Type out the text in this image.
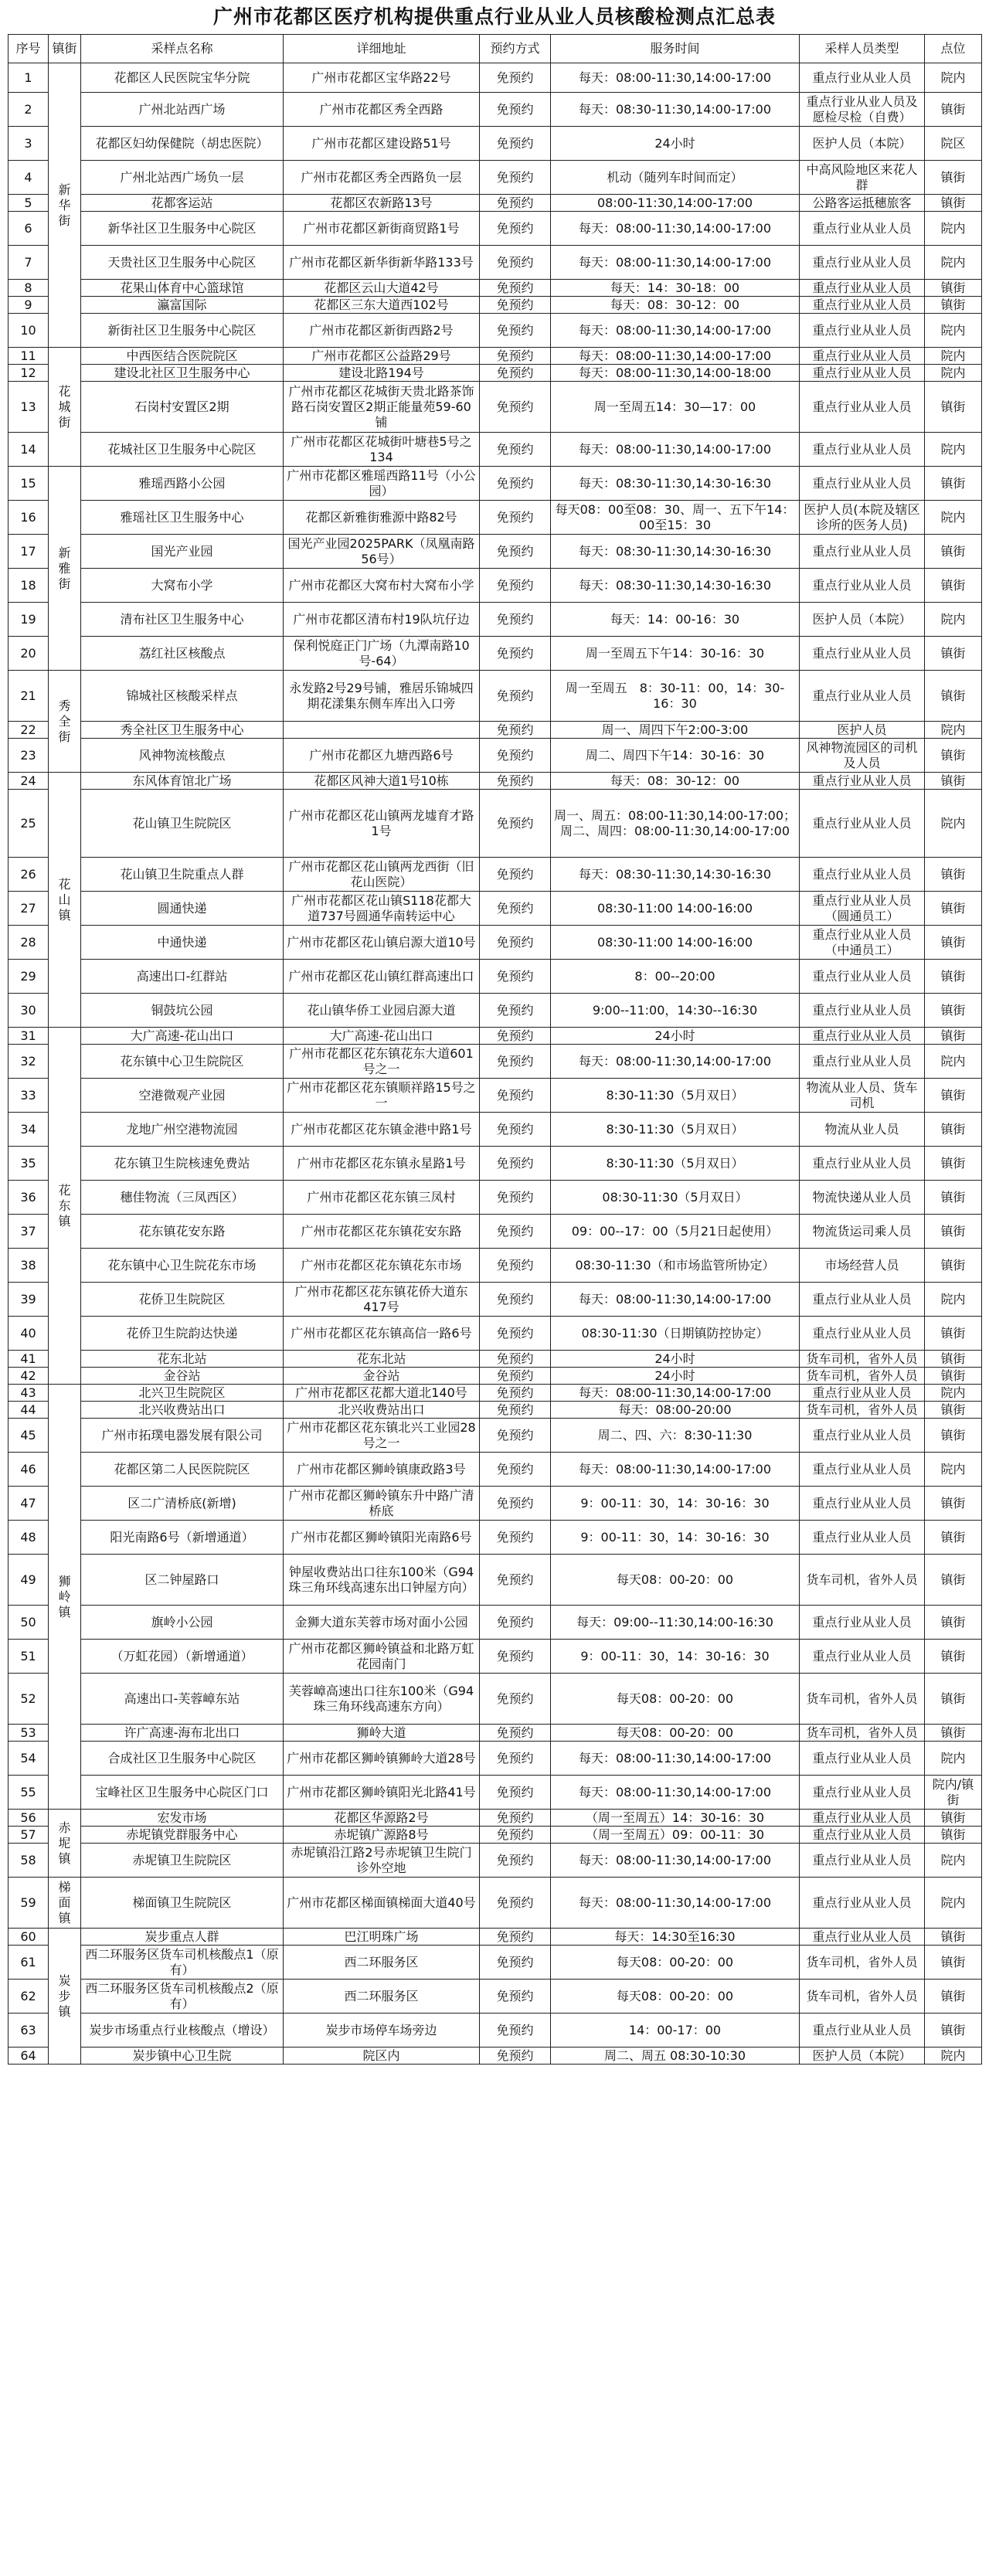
广州市花都区医疗机构提供重点行业从业人员核酸检测点汇总表
序号	镇街	采样点名称	详细地址	预约方式	服务时间	采样人员类型	点位
1	新华街	花都区人民医院宝华分院	广州市花都区宝华路22号	免预约	每天：08:00-11:30,14:00-17:00	重点行业从业人员	院内
2		广州北站西广场	广州市花都区秀全西路	免预约	每天：08:30-11:30,14:00-17:00	重点行业从业人员及愿检尽检（自费）	镇街
3		花都区妇幼保健院（胡忠医院）	广州市花都区建设路51号	免预约	24小时	医护人员（本院）	院区
4		广州北站西广场负一层	广州市花都区秀全西路负一层	免预约	机动（随列车时间而定）	中高风险地区来花人群	镇街
5		花都客运站	花都区农新路13号	免预约	08:00-11:30,14:00-17:00	公路客运抵穗旅客	镇街
6		新华社区卫生服务中心院区	广州市花都区新街商贸路1号	免预约	每天：08:00-11:30,14:00-17:00	重点行业从业人员	院内
7		天贵社区卫生服务中心院区	广州市花都区新华街新华路133号	免预约	每天：08:00-11:30,14:00-17:00	重点行业从业人员	院内
8		花果山体育中心篮球馆	花都区云山大道42号	免预约	每天：14：30-18：00	重点行业从业人员	镇街
9		瀛富国际	花都区三东大道西102号	免预约	每天：08：30-12：00	重点行业从业人员	镇街
10		新街社区卫生服务中心院区	广州市花都区新街西路2号	免预约	每天：08:00-11:30,14:00-17:00	重点行业从业人员	院内
11	花城街	中西医结合医院院区	广州市花都区公益路29号	免预约	每天：08:00-11:30,14:00-17:00	重点行业从业人员	院内
12		建设北社区卫生服务中心	建设北路194号	免预约	每天：08:00-11:30,14:00-18:00	重点行业从业人员	院内
13		石岗村安置区2期	广州市花都区花城街天贵北路茶饰路石岗安置区2期正能量苑59-60铺	免预约	周一至周五14：30—17：00	重点行业从业人员	镇街
14		花城社区卫生服务中心院区	广州市花都区花城街叶塘巷5号之134	免预约	每天：08:00-11:30,14:00-17:00	重点行业从业人员	院内
15	新雅街	雅瑶西路小公园	广州市花都区雅瑶西路11号（小公园）	免预约	每天：08:30-11:30,14:30-16:30	重点行业从业人员	镇街
16		雅瑶社区卫生服务中心	花都区新雅街雅源中路82号	免预约	每天08：00至08：30、周一、五下午14：00至15：30	医护人员(本院及辖区诊所的医务人员)	院内
17		国光产业园	国光产业园2025PARK（凤凰南路56号）	免预约	每天：08:30-11:30,14:30-16:30	重点行业从业人员	镇街
18		大窝布小学	广州市花都区大窝布村大窝布小学	免预约	每天：08:30-11:30,14:30-16:30	重点行业从业人员	镇街
19		清布社区卫生服务中心	广州市花都区清布村19队坑仔边	免预约	每天：14：00-16：30	医护人员（本院）	院内
20		荔红社区核酸点	保利悦庭正门广场（九潭南路10号-64）	免预约	周一至周五下午14：30-16：30	重点行业从业人员	镇街
21	秀全街	锦城社区核酸采样点	永发路2号29号铺，雅居乐锦城四期花漾集东侧车库出入口旁	免预约	周一至周五　8：30-11：00，14：30-16：30	重点行业从业人员	镇街
22		秀全社区卫生服务中心		免预约	周一、周四下午2:00-3:00	医护人员	院内
23		风神物流核酸点	广州市花都区九塘西路6号	免预约	周二、周四下午14：30-16：30	风神物流园区的司机及人员	镇街
24	花山镇	东风体育馆北广场	花都区风神大道1号10栋	免预约	每天：08：30-12：00	重点行业从业人员	镇街
25		花山镇卫生院院区	广州市花都区花山镇两龙墟育才路1号	免预约	周一、周五：08:00-11:30,14:00-17:00；周二、周四：08:00-11:30,14:00-17:00	重点行业从业人员	院内
26		花山镇卫生院重点人群	广州市花都区花山镇两龙西街（旧花山医院）	免预约	每天：08:30-11:30,14:30-16:30	重点行业从业人员	镇街
27		圆通快递	广州市花都区花山镇S118花都大道737号圆通华南转运中心	免预约	08:30-11:00 14:00-16:00	重点行业从业人员（圆通员工）	镇街
28		中通快递	广州市花都区花山镇启源大道10号	免预约	08:30-11:00 14:00-16:00	重点行业从业人员（中通员工）	镇街
29		高速出口-红群站	广州市花都区花山镇红群高速出口	免预约	8：00--20:00	重点行业从业人员	镇街
30		铜鼓坑公园	花山镇华侨工业园启源大道	免预约	9:00--11:00，14:30--16:30	重点行业从业人员	镇街
31	花东镇	大广高速-花山出口	大广高速-花山出口	免预约	24小时	重点行业从业人员	镇街
32		花东镇中心卫生院院区	广州市花都区花东镇花东大道601号之一	免预约	每天：08:00-11:30,14:00-17:00	重点行业从业人员	院内
33		空港微观产业园	广州市花都区花东镇顺祥路15号之一	免预约	8:30-11:30（5月双日）	物流从业人员、货车司机	镇街
34		龙地广州空港物流园	广州市花都区花东镇金港中路1号	免预约	8:30-11:30（5月双日）	物流从业人员	镇街
35		花东镇卫生院核速免费站	广州市花都区花东镇永星路1号	免预约	8:30-11:30（5月双日）	重点行业从业人员	镇街
36		穗佳物流（三凤西区）	广州市花都区花东镇三凤村	免预约	08:30-11:30（5月双日）	物流快递从业人员	镇街
37		花东镇花安东路	广州市花都区花东镇花安东路	免预约	09：00--17：00（5月21日起使用）	物流货运司乘人员	镇街
38		花东镇中心卫生院花东市场	广州市花都区花东镇花东市场	免预约	08:30-11:30（和市场监管所协定）	市场经营人员	镇街
39		花侨卫生院院区	广州市花都区花东镇花侨大道东417号	免预约	每天：08:00-11:30,14:00-17:00	重点行业从业人员	院内
40		花侨卫生院韵达快递	广州市花都区花东镇高信一路6号	免预约	08:30-11:30（日期镇防控协定）	重点行业从业人员	镇街
41		花东北站	花东北站	免预约	24小时	货车司机，省外人员	镇街
42		金谷站	金谷站	免预约	24小时	货车司机，省外人员	镇街
43	狮岭镇	北兴卫生院院区	广州市花都区花都大道北140号	免预约	每天：08:00-11:30,14:00-17:00	重点行业从业人员	院内
44		北兴收费站出口	北兴收费站出口	免预约	每天：08:00-20:00	货车司机，省外人员	镇街
45		广州市拓璞电器发展有限公司	广州市花都区花东镇北兴工业园28号之一	免预约	周二、四、六：8:30-11:30	重点行业从业人员	镇街
46		花都区第二人民医院院区	广州市花都区狮岭镇康政路3号	免预约	每天：08:00-11:30,14:00-17:00	重点行业从业人员	院内
47		区二广清桥底(新增)	广州市花都区狮岭镇东升中路广清桥底	免预约	9：00-11：30，14：30-16：30	重点行业从业人员	镇街
48		阳光南路6号（新增通道）	广州市花都区狮岭镇阳光南路6号	免预约	9：00-11：30，14：30-16：30	重点行业从业人员	镇街
49		区二钟屋路口	钟屋收费站出口往东100米（G94珠三角环线高速东出口钟屋方向）	免预约	每天08：00-20：00	货车司机，省外人员	镇街
50		旗岭小公园	金狮大道东芙蓉市场对面小公园	免预约	每天：09:00--11:30,14:00-16:30	重点行业从业人员	镇街
51		（万虹花园）（新增通道）	广州市花都区狮岭镇益和北路万虹花园南门	免预约	9：00-11：30，14：30-16：30	重点行业从业人员	镇街
52		高速出口-芙蓉嶂东站	芙蓉嶂高速出口往东100米（G94珠三角环线高速东方向）	免预约	每天08：00-20：00	货车司机，省外人员	镇街
53		许广高速-海布北出口	狮岭大道	免预约	每天08：00-20：00	货车司机，省外人员	镇街
54		合成社区卫生服务中心院区	广州市花都区狮岭镇狮岭大道28号	免预约	每天：08:00-11:30,14:00-17:00	重点行业从业人员	院内
55		宝峰社区卫生服务中心院区门口	广州市花都区狮岭镇阳光北路41号	免预约	每天：08:00-11:30,14:00-17:00	重点行业从业人员	院内/镇街
56	赤坭镇	宏发市场	花都区华源路2号	免预约	（周一至周五）14：30-16：30	重点行业从业人员	镇街
57		赤坭镇党群服务中心	赤坭镇广源路8号	免预约	（周一至周五）09：00-11：30	重点行业从业人员	镇街
58		赤坭镇卫生院院区	赤坭镇沿江路2号赤坭镇卫生院门诊外空地	免预约	每天：08:00-11:30,14:00-17:00	重点行业从业人员	院内
59	梯面镇	梯面镇卫生院院区	广州市花都区梯面镇梯面大道40号	免预约	每天：08:00-11:30,14:00-17:00	重点行业从业人员	院内
60	炭步镇	炭步重点人群	巴江明珠广场	免预约	每天：14:30至16:30	重点行业从业人员	镇街
61		西二环服务区货车司机核酸点1（原有）	西二环服务区	免预约	每天08：00-20：00	货车司机，省外人员	镇街
62		西二环服务区货车司机核酸点2（原有）	西二环服务区	免预约	每天08：00-20：00	货车司机，省外人员	镇街
63		炭步市场重点行业核酸点（增设）	炭步市场停车场旁边	免预约	14：00-17：00	重点行业从业人员	镇街
64		炭步镇中心卫生院	院区内	免预约	周二、周五 08:30-10:30	医护人员（本院）	院内
